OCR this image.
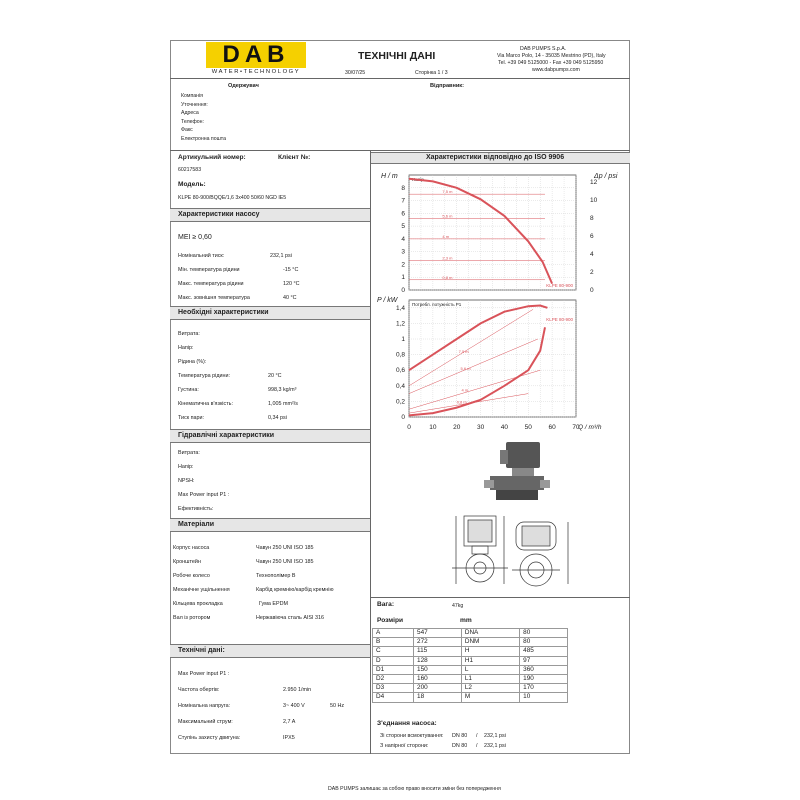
DAB
WATER•TECHNOLOGY
ТЕХНІЧНІ ДАНІ
30/07/25	Сторінка 1 / 3
DAB PUMPS S.p.A.
Via Marco Polo, 14 - 35035 Mestrino (PD), Italy
Tel. +39 049 5125000 - Fax +39 049 5125950
www.dabpumps.com
Одержувач	Відправник:
Компанія
Уточнення:
Адреса
Телефон:
Факс
Електронна пошта
Артикульний номер:	Клієнт №:
60217583
Модель:
KLPE 80-900/BQQE/1,6 3x400 50/60 NGD IE5
Характеристики насосу
MEI ≥ 0,60
Номінальний тиск:	232,1 psi
Мін. температура рідини	-15 °C
Макс. температура рідини	120 °C
Макс. зовнішня температура	40 °C
Необхідні характеристики
Витрата:
Напір:
Рідина (%):
Температура рідини:	20 °C
Густина:	998,3 kg/m³
Кінематична в'язкість:	1,005 mm²/s
Тиск пари:	0,34 psi
Гідравлічні характеристики
Витрата:
Напір:
NPSH:
Max Power input P1 :
Ефективність:
Матеріали
Корпус насоса	Чавун 250 UNI ISO 185
Кронштейн	Чавун 250 UNI ISO 185
Робоче колесо	Технополімер В
Механічне ущільнення	Карбід кремнію/карбід кремнію
Кільцева прокладка	Гума EPDM
Вал із ротором	Нержавіюча сталь AISI 316
Технічні дані:
Max Power input P1 :
Частота обертів:	2.950 1/min
Номінальна напруга:	3~ 400 V	50 Hz
Максимальний струм:	2,7 A
Ступінь захисту двигуна:	IPX5
Характеристики відповідно до ISO 9906
0
1
2
3
4
5
6
7
8
Напір
KLPE 80-900
H / m	Δp / psi
0
2
4
6
8
10
12
7,5 m
5,6 m
4 m
2,3 m
0,8 m
0
0,2
0,4
0,6
0,8
1
1,2
1,4
Потребл. потужність P1
KLPE 80-900
P / kW
0	10	20	30	40	50	60	70
Q / m³/h
7,5 m
5,6 m
4 m
0,8 m
Вага:	47kg
Розміри	mm
A	547	DNA	80
B	272	DNM	80
C	115	H	485
D	128	H1	97
D1	150	L	360
D2	160	L1	190
D3	200	L2	170
D4	18	M	10
З'єднання насоса:
Зі сторони всмоктування: DN 80 / 232,1 psi
З напірної сторони:	DN 80 / 232,1 psi
DAB PUMPS залишає за собою право вносити зміни без попередження
